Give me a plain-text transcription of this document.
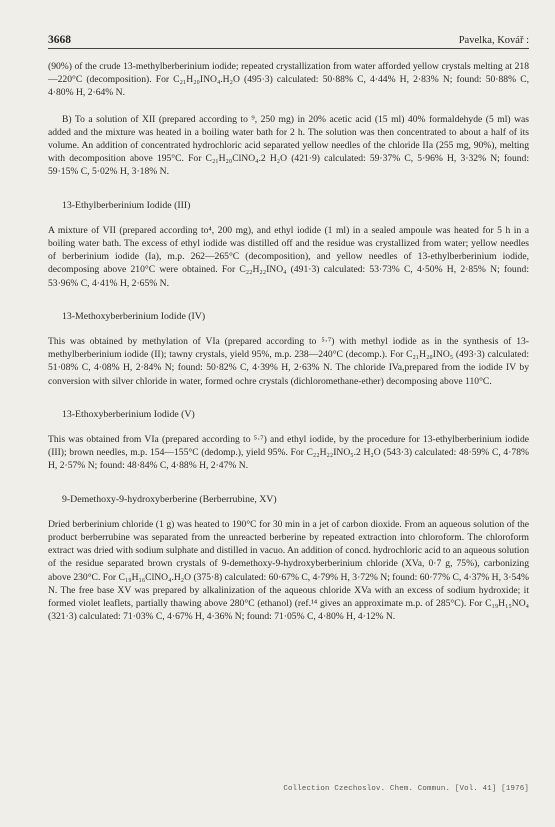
3668	Pavelka, Kovář :

(90%) of the crude 13-methylberberinium iodide; repeated crystallization from water afforded yellow crystals melting at 218—220°C (decomposition). For C₂₁H₂₀INO₄.H₂O (495·3) calculated: 50·88% C, 4·44% H, 2·83% N; found: 50·88% C, 4·80% H, 2·64% N.

B) To a solution of XII (prepared according to ⁹, 250 mg) in 20% acetic acid (15 ml) 40% formaldehyde (5 ml) was added and the mixture was heated in a boiling water bath for 2 h. The solution was then concentrated to about a half of its volume. An addition of concentrated hydrochloric acid separated yellow needles of the chloride IIa (255 mg, 90%), melting with decomposition above 195°C. For C₂₁H₂₀ClNO₄.2 H₂O (421·9) calculated: 59·37% C, 5·96% H, 3·32% N; found: 59·15% C, 5·02% H, 3·18% N.

13-Ethylberberinium Iodide (III)

A mixture of VII (prepared according to⁴, 200 mg), and ethyl iodide (1 ml) in a sealed ampoule was heated for 5 h in a boiling water bath. The excess of ethyl iodide was distilled off and the residue was crystallized from water; yellow needles of berberinium iodide (Ia), m.p. 262—265°C (decomposition), and yellow needles of 13-ethylberberinium iodide, decomposing above 210°C were obtained. For C₂₂H₂₂INO₄ (491·3) calculated: 53·73% C, 4·50% H, 2·85% N; found: 53·96% C, 4·41% H, 2·65% N.

13-Methoxyberberinium Iodide (IV)

This was obtained by methylation of VIa (prepared according to ⁵·⁷) with methyl iodide as in the synthesis of 13-methylberberinium iodide (II); tawny crystals, yield 95%, m.p. 238—240°C (decomp.). For C₂₁H₂₀INO₅ (493·3) calculated: 51·08% C, 4·08% H, 2·84% N; found: 50·82% C, 4·39% H, 2·63% N. The chloride IVa,prepared from the iodide IV by conversion with silver chloride in water, formed ochre crystals (dichloromethane-ether) decomposing above 110°C.

13-Ethoxyberberinium Iodide (V)

This was obtained from VIa (prepared according to ⁵·⁷) and ethyl iodide, by the procedure for 13-ethylberberinium iodide (III); brown needles, m.p. 154—155°C (dedomp.), yield 95%. For C₂₂H₂₂INO₅.2 H₂O (543·3) calculated: 48·59% C, 4·78% H, 2·57% N; found: 48·84% C, 4·88% H, 2·47% N.

9-Demethoxy-9-hydroxyberberine (Berberrubine, XV)

Dried berberinium chloride (1 g) was heated to 190°C for 30 min in a jet of carbon dioxide. From an aqueous solution of the product berberrubine was separated from the unreacted berberine by repeated extraction into chloroform. The chloroform extract was dried with sodium sulphate and distilled in vacuo. An addition of concd. hydrochloric acid to an aqueous solution of the residue separated brown crystals of 9-demethoxy-9-hydroxyberberinium chloride (XVa, 0·7 g, 75%), carbonizing above 230°C. For C₁₉H₁₆ClNO₄.H₂O (375·8) calculated: 60·67% C, 4·79% H, 3·72% N; found: 60·77% C, 4·37% H, 3·54% N. The free base XV was prepared by alkalinization of the aqueous chloride XVa with an excess of sodium hydroxide; it formed violet leaflets, partially thawing above 280°C (ethanol) (ref.¹⁴ gives an approximate m.p. of 285°C). For C₁₉H₁₅NO₄ (321·3) calculated: 71·03% C, 4·67% H, 4·36% N; found: 71·05% C, 4·80% H, 4·12% N.

Collection Czechoslov. Chem. Commun. [Vol. 41] [1976]
